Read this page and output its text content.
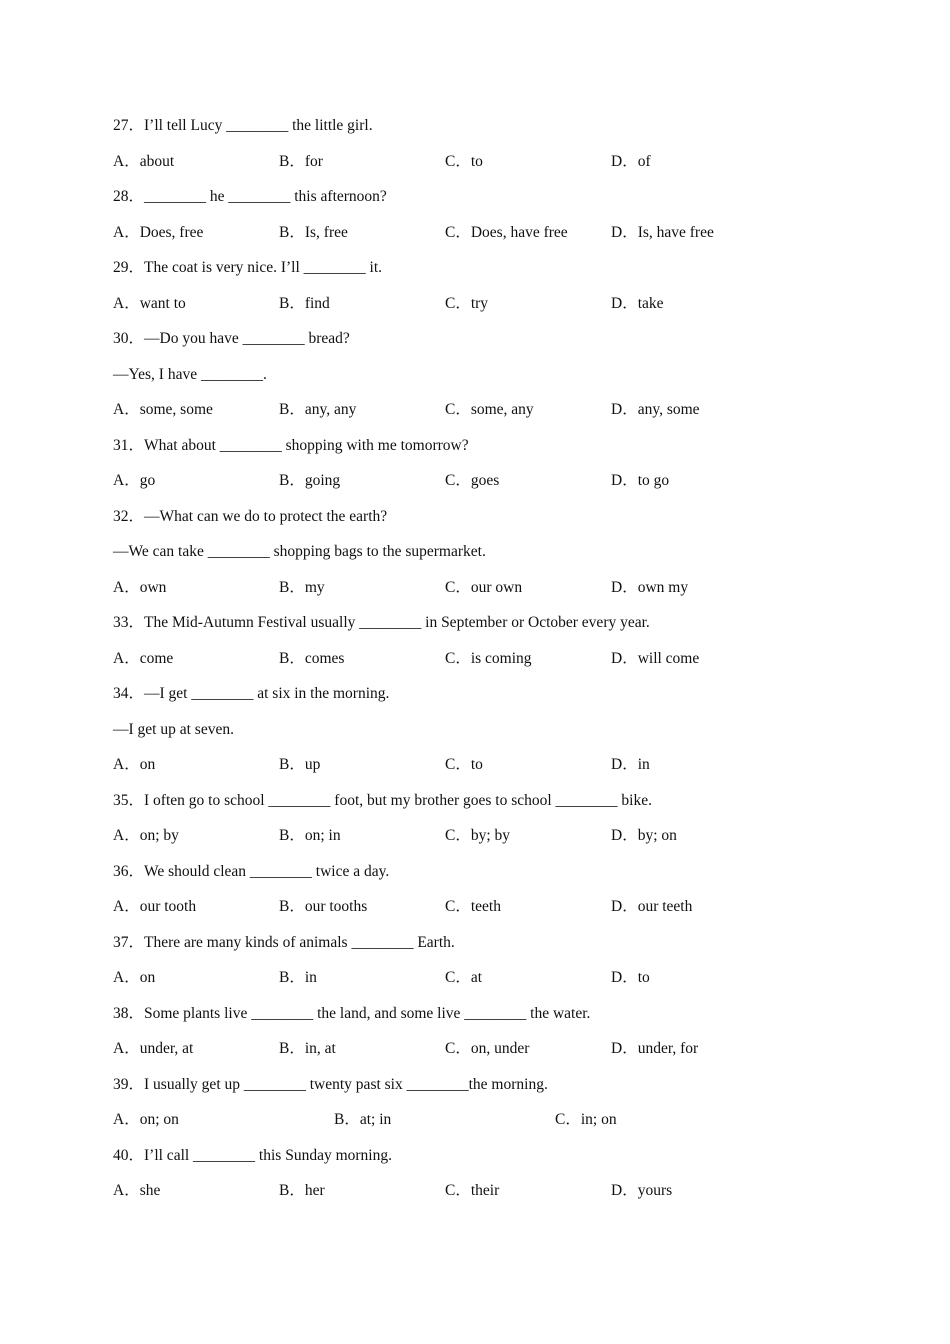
27．I’ll tell Lucy ________ the little girl.
A．about	B．for	C．to	D．of
28．________ he ________ this afternoon?
A．Does, free	B．Is, free	C．Does, have free	D．Is, have free
29．The coat is very nice. I’ll ________ it.
A．want to	B．find	C．try	D．take
30．—Do you have ________ bread?
—Yes, I have ________.
A．some, some	B．any, any	C．some, any	D．any, some
31．What about ________ shopping with me tomorrow?
A．go	B．going	C．goes	D．to go
32．—What can we do to protect the earth?
—We can take ________ shopping bags to the supermarket.
A．own	B．my	C．our own	D．own my
33．The Mid-Autumn Festival usually ________ in September or October every year.
A．come	B．comes	C．is coming	D．will come
34．—I get ________ at six in the morning.
—I get up at seven.
A．on	B．up	C．to	D．in
35．I often go to school ________ foot, but my brother goes to school ________ bike.
A．on; by	B．on; in	C．by; by	D．by; on
36．We should clean ________ twice a day.
A．our tooth	B．our tooths	C．teeth	D．our teeth
37．There are many kinds of animals ________ Earth.
A．on	B．in	C．at	D．to
38．Some plants live ________ the land, and some live ________ the water.
A．under, at	B．in, at	C．on, under	D．under, for
39．I usually get up ________ twenty past six ________the morning.
A．on; on	B．at; in	C．in; on
40．I’ll call ________ this Sunday morning.
A．she	B．her	C．their	D．yours
